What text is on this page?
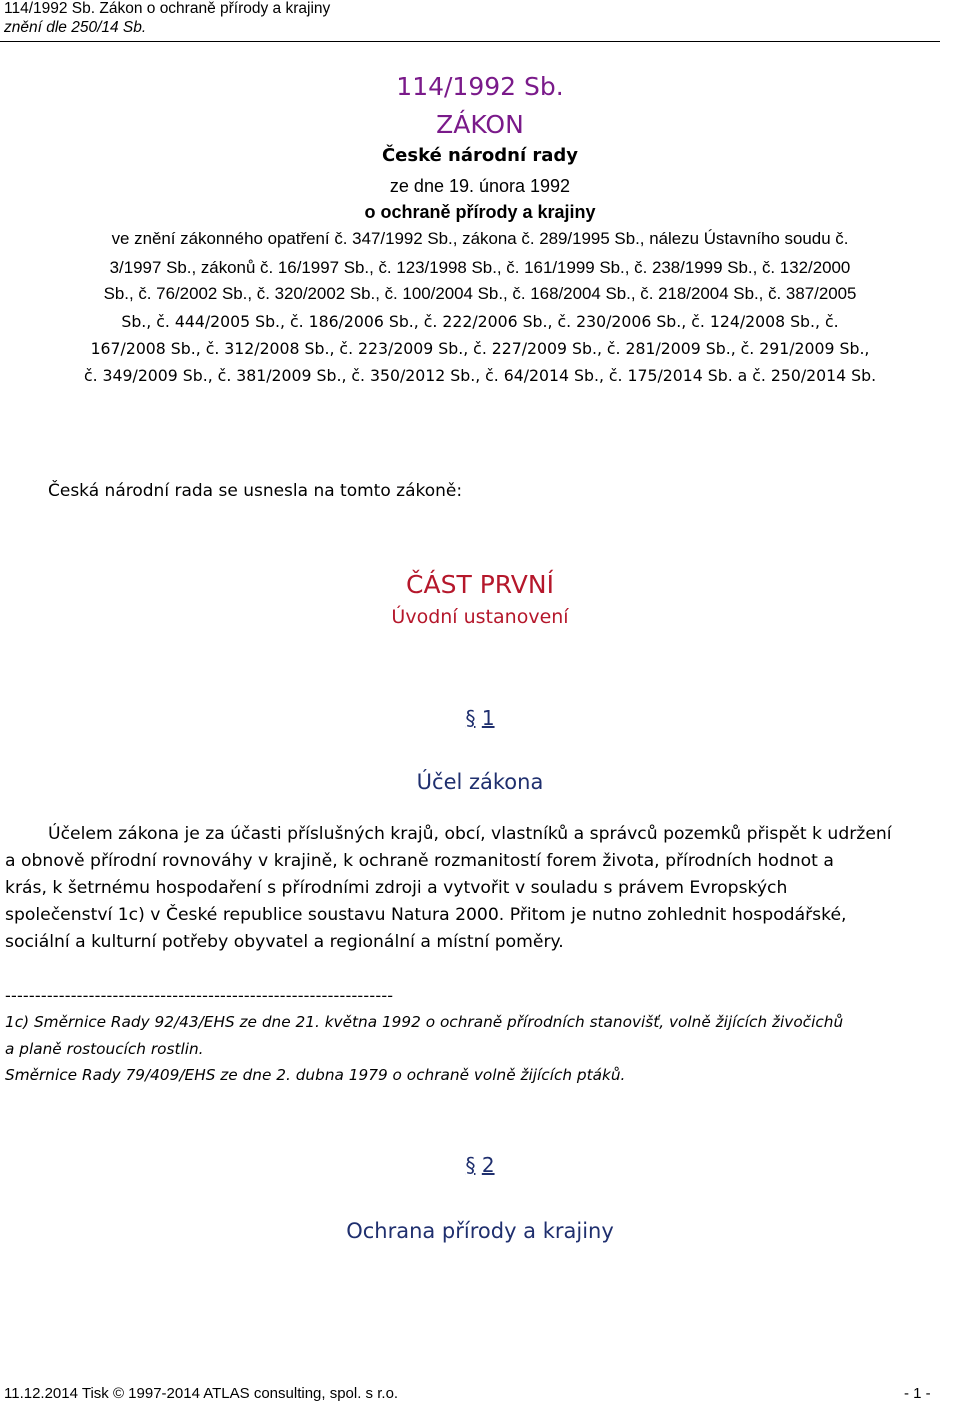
114/1992 Sb. Zákon o ochraně přírody a krajiny
znění dle 250/14 Sb.
114/1992 Sb.
ZÁKON
České národní rady
ze dne 19. února 1992
o ochraně přírody a krajiny
ve znění zákonného opatření č. 347/1992 Sb., zákona č. 289/1995 Sb., nálezu Ústavního soudu č.
3/1997 Sb., zákonů č. 16/1997 Sb., č. 123/1998 Sb., č. 161/1999 Sb., č. 238/1999 Sb., č. 132/2000
Sb., č. 76/2002 Sb., č. 320/2002 Sb., č. 100/2004 Sb., č. 168/2004 Sb., č. 218/2004 Sb., č. 387/2005
Sb., č. 444/2005 Sb., č. 186/2006 Sb., č. 222/2006 Sb., č. 230/2006 Sb., č. 124/2008 Sb., č.
167/2008 Sb., č. 312/2008 Sb., č. 223/2009 Sb., č. 227/2009 Sb., č. 281/2009 Sb., č. 291/2009 Sb.,
č. 349/2009 Sb., č. 381/2009 Sb., č. 350/2012 Sb., č. 64/2014 Sb., č. 175/2014 Sb. a č. 250/2014 Sb.
Česká národní rada se usnesla na tomto zákoně:
ČÁST PRVNÍ
Úvodní ustanovení
§ 1
Účel zákona
Účelem zákona je za účasti příslušných krajů, obcí, vlastníků a správců pozemků přispět k udržení
a obnově přírodní rovnováhy v krajině, k ochraně rozmanitostí forem života, přírodních hodnot a
krás, k šetrnému hospodaření s přírodními zdroji a vytvořit v souladu s právem Evropských
společenství 1c) v České republice soustavu Natura 2000. Přitom je nutno zohlednit hospodářské,
sociální a kulturní potřeby obyvatel a regionální a místní poměry.
-----------------------------------------------------------------
1c) Směrnice Rady 92/43/EHS ze dne 21. května 1992 o ochraně přírodních stanovišť, volně žijících živočichů
a planě rostoucích rostlin.
Směrnice Rady 79/409/EHS ze dne 2. dubna 1979 o ochraně volně žijících ptáků.
§ 2
Ochrana přírody a krajiny
11.12.2014 Tisk © 1997-2014 ATLAS consulting, spol. s r.o.	- 1 -
